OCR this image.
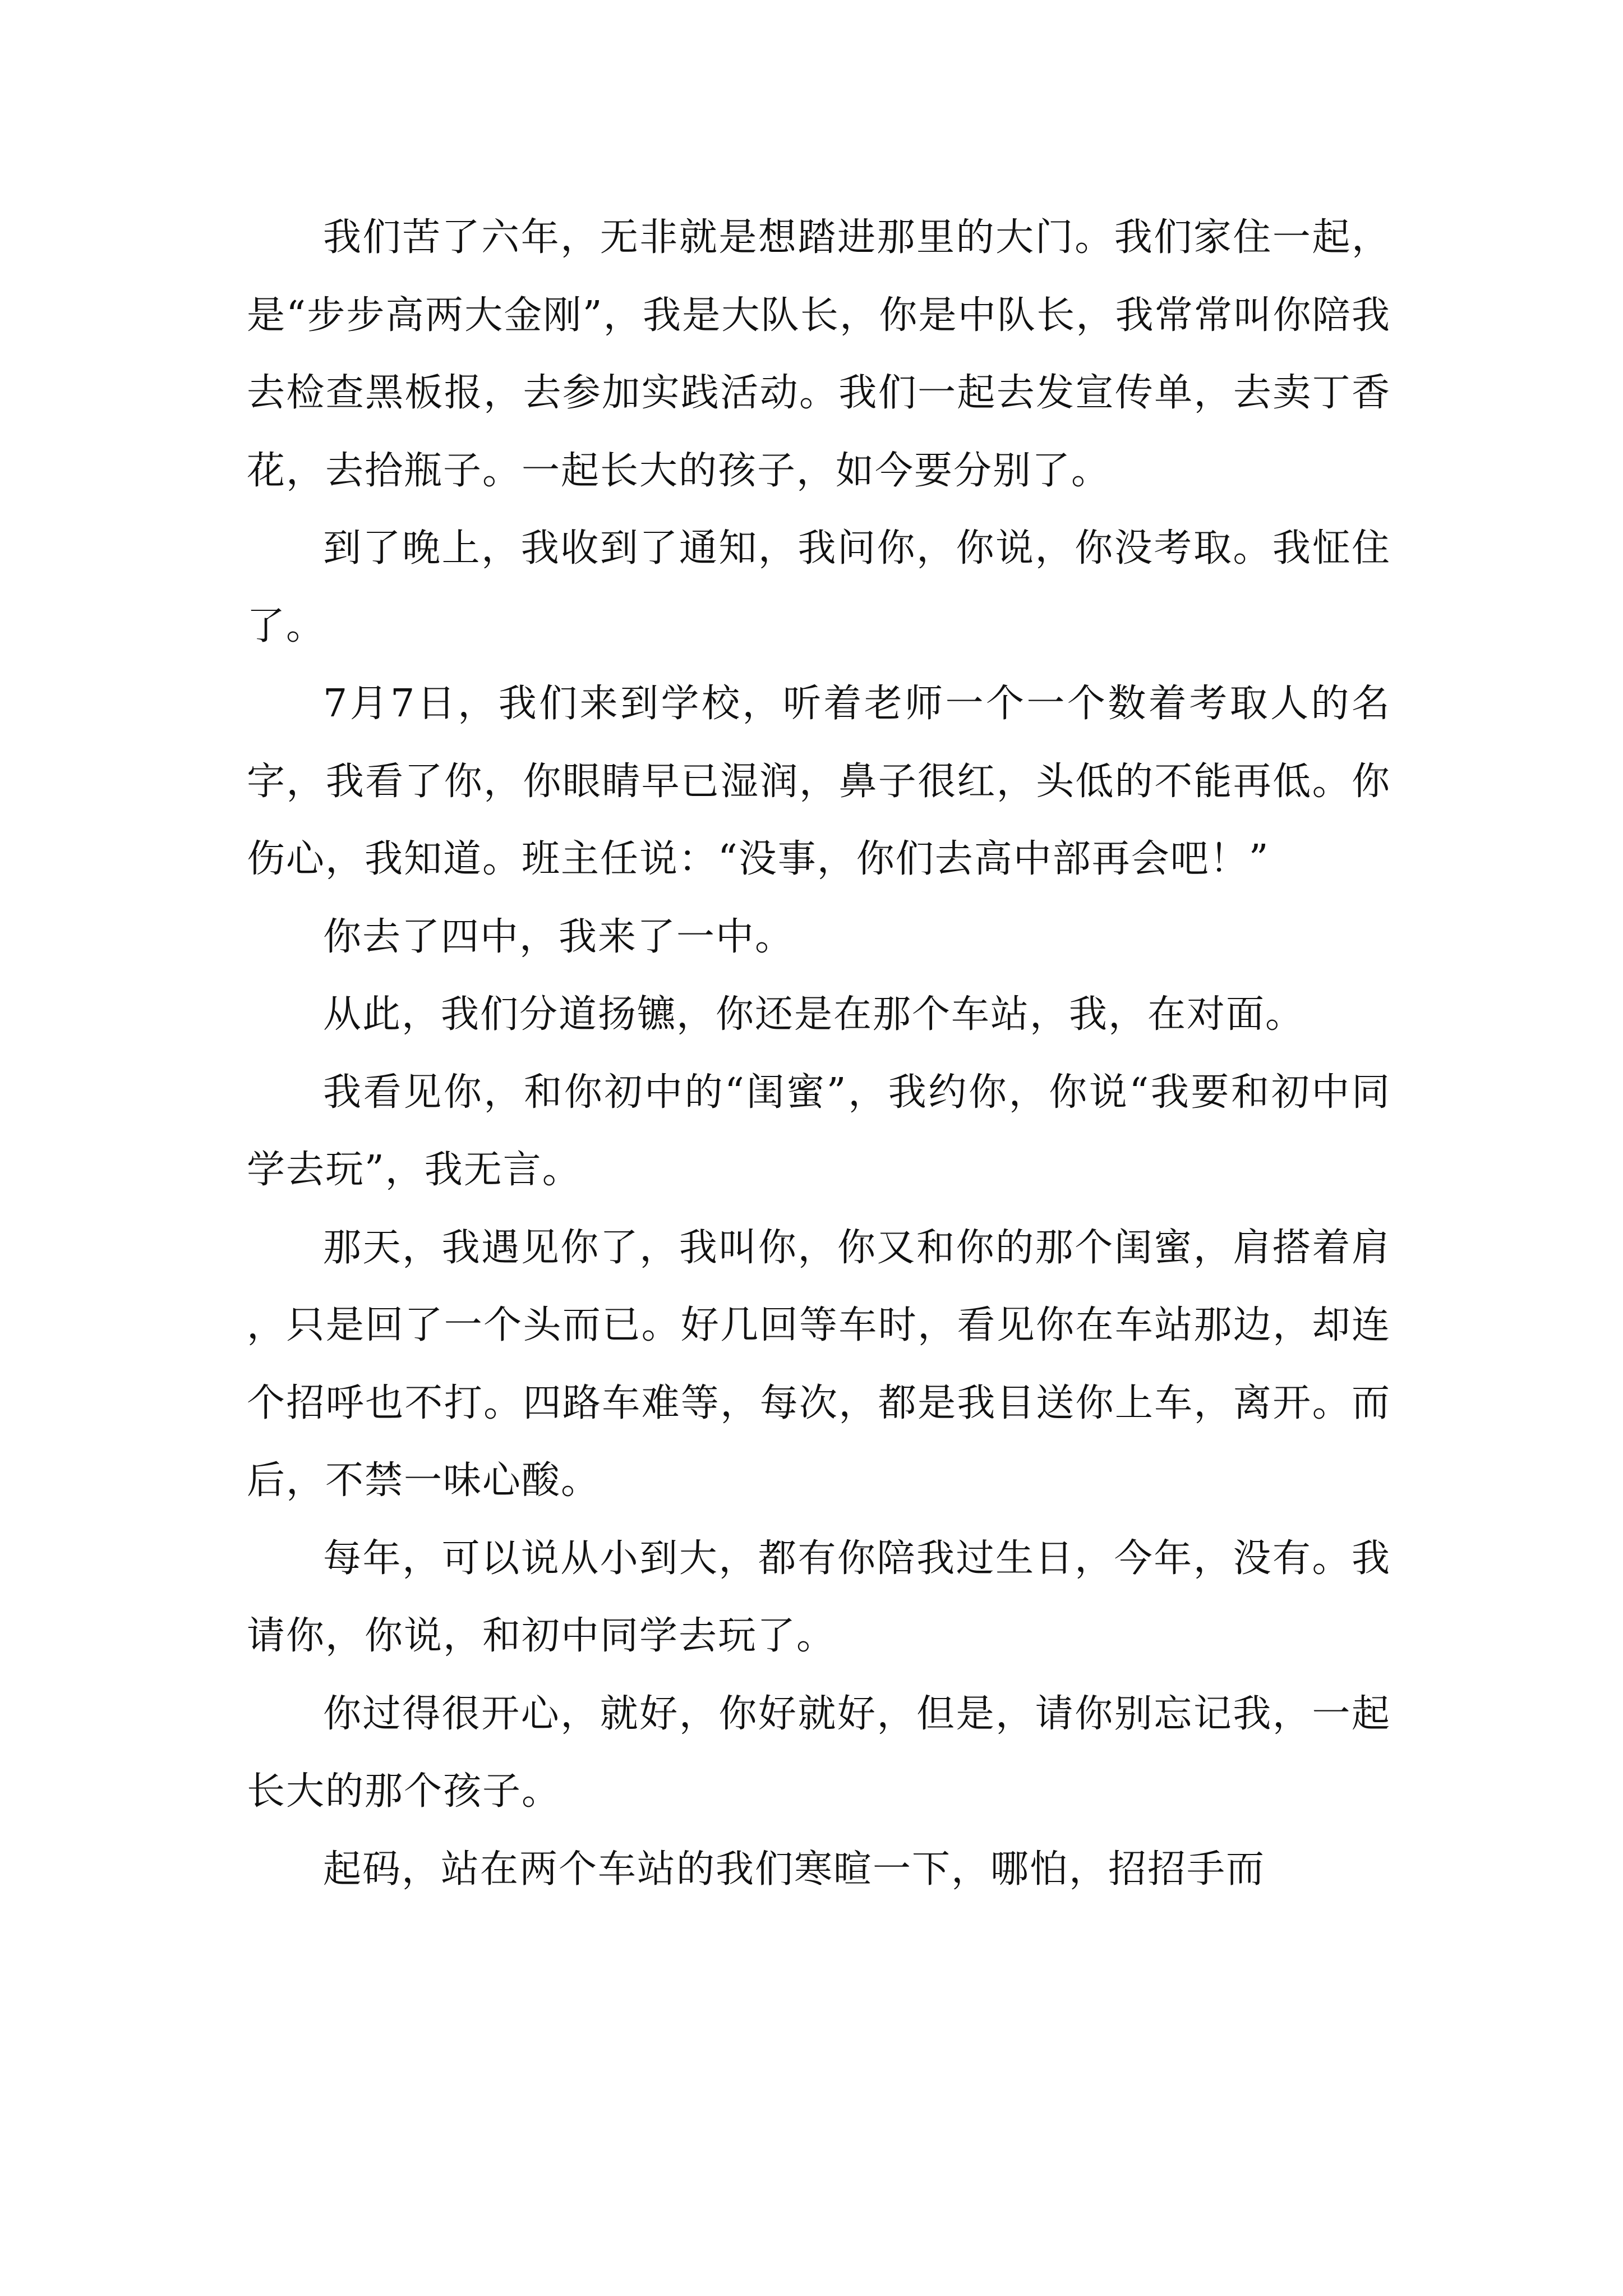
我们苦了六年，无非就是想踏进那里的大门。我们家住一起，是“步步高两大金刚”，我是大队长，你是中队长，我常常叫你陪我去检查黑板报，去参加实践活动。我们一起去发宣传单，去卖丁香花，去拾瓶子。一起长大的孩子，如今要分别了。

到了晚上，我收到了通知，我问你，你说，你没考取。我怔住了。

7月7日，我们来到学校，听着老师一个一个数着考取人的名字，我看了你，你眼睛早已湿润，鼻子很红，头低的不能再低。你伤心，我知道。班主任说：“没事，你们去高中部再会吧！”

你去了四中，我来了一中。

从此，我们分道扬镳，你还是在那个车站，我，在对面。

我看见你，和你初中的“闺蜜”，我约你，你说“我要和初中同学去玩”，我无言。

那天，我遇见你了，我叫你，你又和你的那个闺蜜，肩搭着肩，只是回了一个头而已。好几回等车时，看见你在车站那边，却连个招呼也不打。四路车难等，每次，都是我目送你上车，离开。而后，不禁一味心酸。

每年，可以说从小到大，都有你陪我过生日，今年，没有。我请你，你说，和初中同学去玩了。

你过得很开心，就好，你好就好，但是，请你别忘记我，一起长大的那个孩子。

起码，站在两个车站的我们寒暄一下，哪怕，招招手而
